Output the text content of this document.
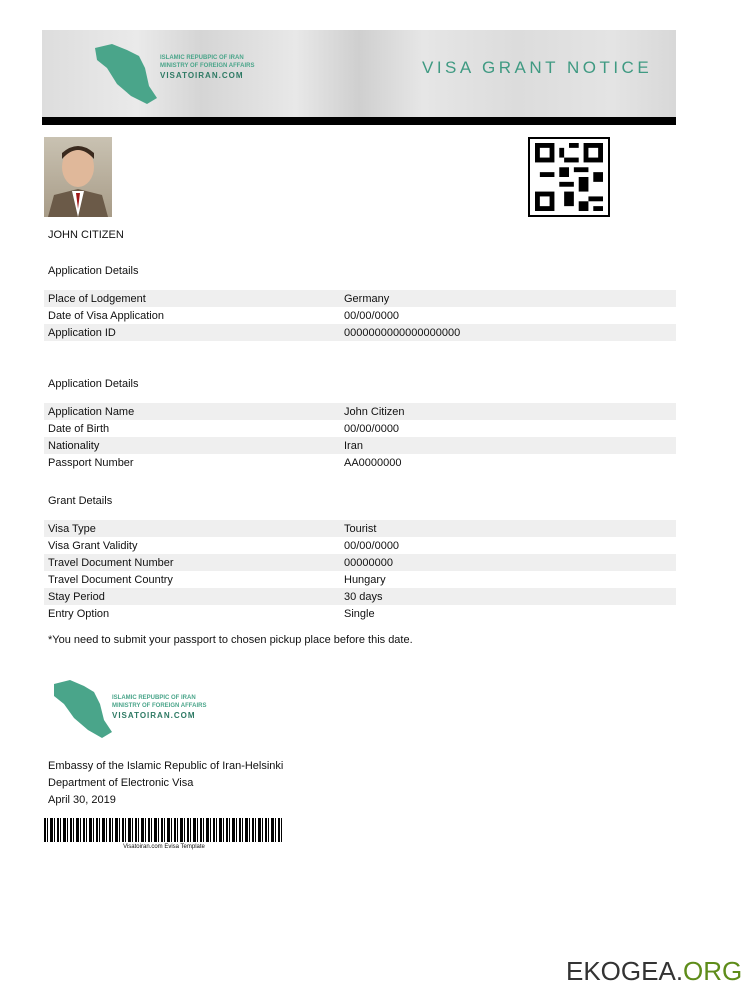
ISLAMIC REPUBPIC OF IRAN
MINISTRY OF FOREIGN AFFAIRS
VISATOIRAN.COM	VISA GRANT NOTICE
JOHN CITIZEN
Application Details
Place of Lodgement	Germany
Date of Visa Application	00/00/0000
Application ID	0000000000000000000
Application Details
Application Name	John Citizen
Date of Birth	00/00/0000
Nationality	Iran
Passport Number	AA0000000
Grant Details
Visa Type	Tourist
Visa Grant Validity	00/00/0000
Travel Document Number	00000000
Travel Document Country	Hungary
Stay Period	30 days
Entry Option	Single
*You need to submit your passport to chosen pickup place before this date.
ISLAMIC REPUBPIC OF IRAN
MINISTRY OF FOREIGN AFFAIRS
VISATOIRAN.COM
Embassy of the Islamic Republic of Iran-Helsinki
Department of Electronic Visa
April 30, 2019
Visatoiran.com Evisa Template
EKOGEA.ORG
